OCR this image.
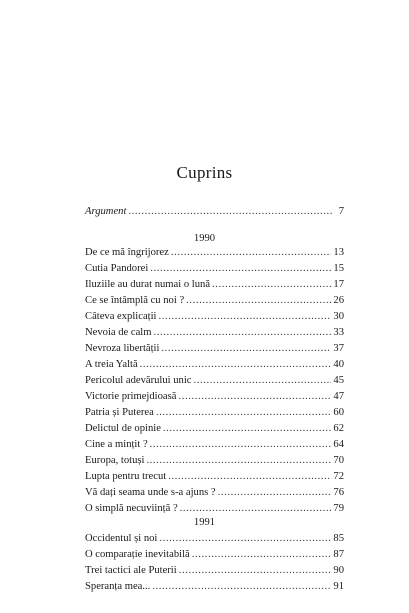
Cuprins
Argument .....	7
1990
De ce mă îngrijorez .....	13
Cutia Pandorei .....	15
Iluziile au durat numai o lună .....	17
Ce se întâmplă cu noi ? .....	26
Câteva explicații .....	30
Nevoia de calm .....	33
Nevroza libertății .....	37
A treia Yaltă .....	40
Pericolul adevărului unic .....	45
Victorie primejdioasă .....	47
Patria și Puterea .....	60
Delictul de opinie .....	62
Cine a mințit ? .....	64
Europa, totuși .....	70
Lupta pentru trecut .....	72
Vă dați seama unde s-a ajuns ? .....	76
O simplă necuviință ? .....	79
1991
Occidentul și noi .....	85
O comparație inevitabilă .....	87
Trei tactici ale Puterii .....	90
Speranța mea... .....	91
